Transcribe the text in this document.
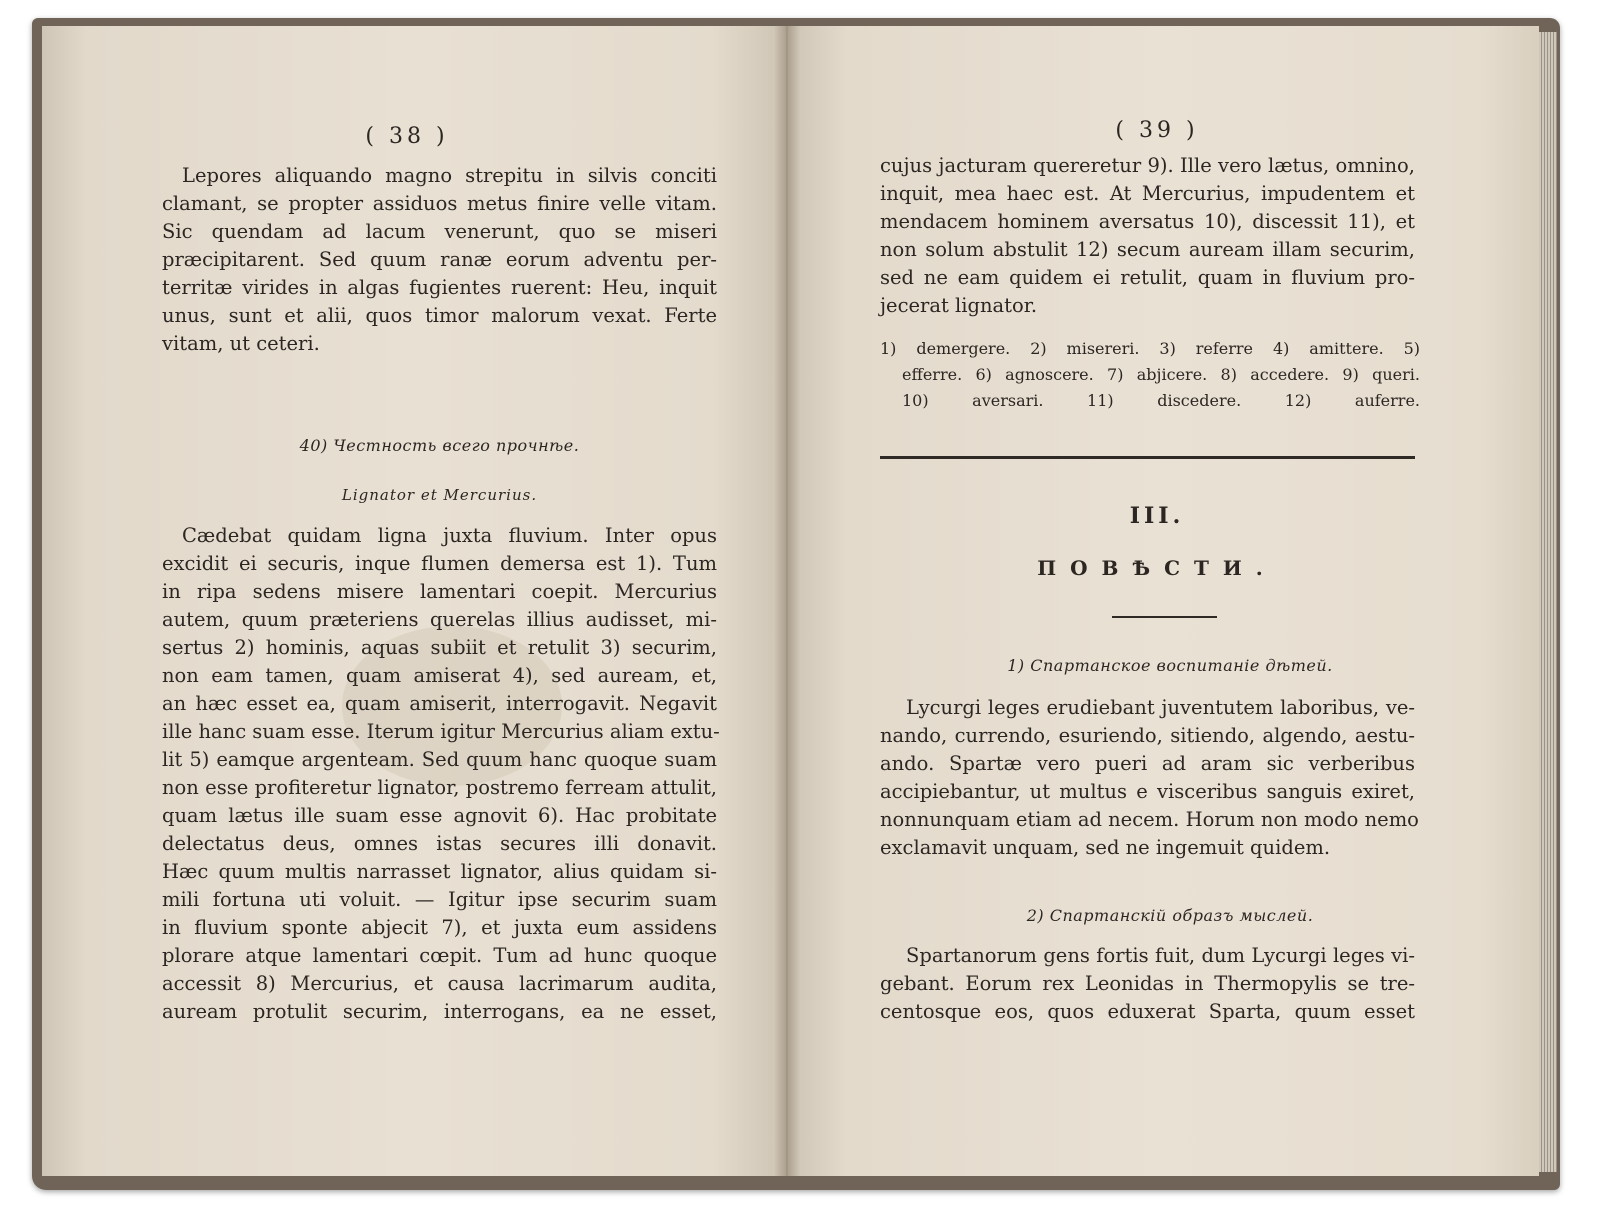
( 38 )
Lepores aliquando magno strepitu in silvis conciti
clamant, se propter assiduos metus finire velle vitam.
Sic quendam ad lacum venerunt, quo se miseri
præcipitarent. Sed quum ranæ eorum adventu per-
territæ virides in algas fugientes ruerent: Heu, inquit
unus, sunt et alii, quos timor malorum vexat. Ferte
vitam, ut ceteri.
40) Честность всего прочнѣе.
Lignator et Mercurius.
Cædebat quidam ligna juxta fluvium. Inter opus
excidit ei securis, inque flumen demersa est 1). Tum
in ripa sedens misere lamentari coepit. Mercurius
autem, quum præteriens querelas illius audisset, mi-
sertus 2) hominis, aquas subiit et retulit 3) securim,
non eam tamen, quam amiserat 4), sed auream, et,
an hæc esset ea, quam amiserit, interrogavit. Negavit
ille hanc suam esse. Iterum igitur Mercurius aliam extu-
lit 5) eamque argenteam. Sed quum hanc quoque suam
non esse profiteretur lignator, postremo ferream attulit,
quam lætus ille suam esse agnovit 6). Hac probitate
delectatus deus, omnes istas secures illi donavit.
Hæc quum multis narrasset lignator, alius quidam si-
mili fortuna uti voluit. — Igitur ipse securim suam
in fluvium sponte abjecit 7), et juxta eum assidens
plorare atque lamentari cœpit. Tum ad hunc quoque
accessit 8) Mercurius, et causa lacrimarum audita,
auream protulit securim, interrogans, ea ne esset,
( 39 )
cujus jacturam quereretur 9). Ille vero lætus, omnino,
inquit, mea haec est. At Mercurius, impudentem et
mendacem hominem aversatus 10), discessit 11), et
non solum abstulit 12) secum auream illam securim,
sed ne eam quidem ei retulit, quam in fluvium pro-
jecerat lignator.
1) demergere. 2) misereri. 3) referre 4) amittere. 5)
efferre. 6) agnoscere. 7) abjicere. 8) accedere. 9) queri.
10) aversari. 11) discedere. 12) auferre.
III.
ПОВѢСТИ.
1) Спартанское воспитанiе дѣтей.
Lycurgi leges erudiebant juventutem laboribus, ve-
nando, currendo, esuriendo, sitiendo, algendo, aestu-
ando. Spartæ vero pueri ad aram sic verberibus
accipiebantur, ut multus e visceribus sanguis exiret,
nonnunquam etiam ad necem. Horum non modo nemo
exclamavit unquam, sed ne ingemuit quidem.
2) Спартанскiй образъ мыслей.
Spartanorum gens fortis fuit, dum Lycurgi leges vi-
gebant. Eorum rex Leonidas in Thermopylis se tre-
centosque eos, quos eduxerat Sparta, quum esset
